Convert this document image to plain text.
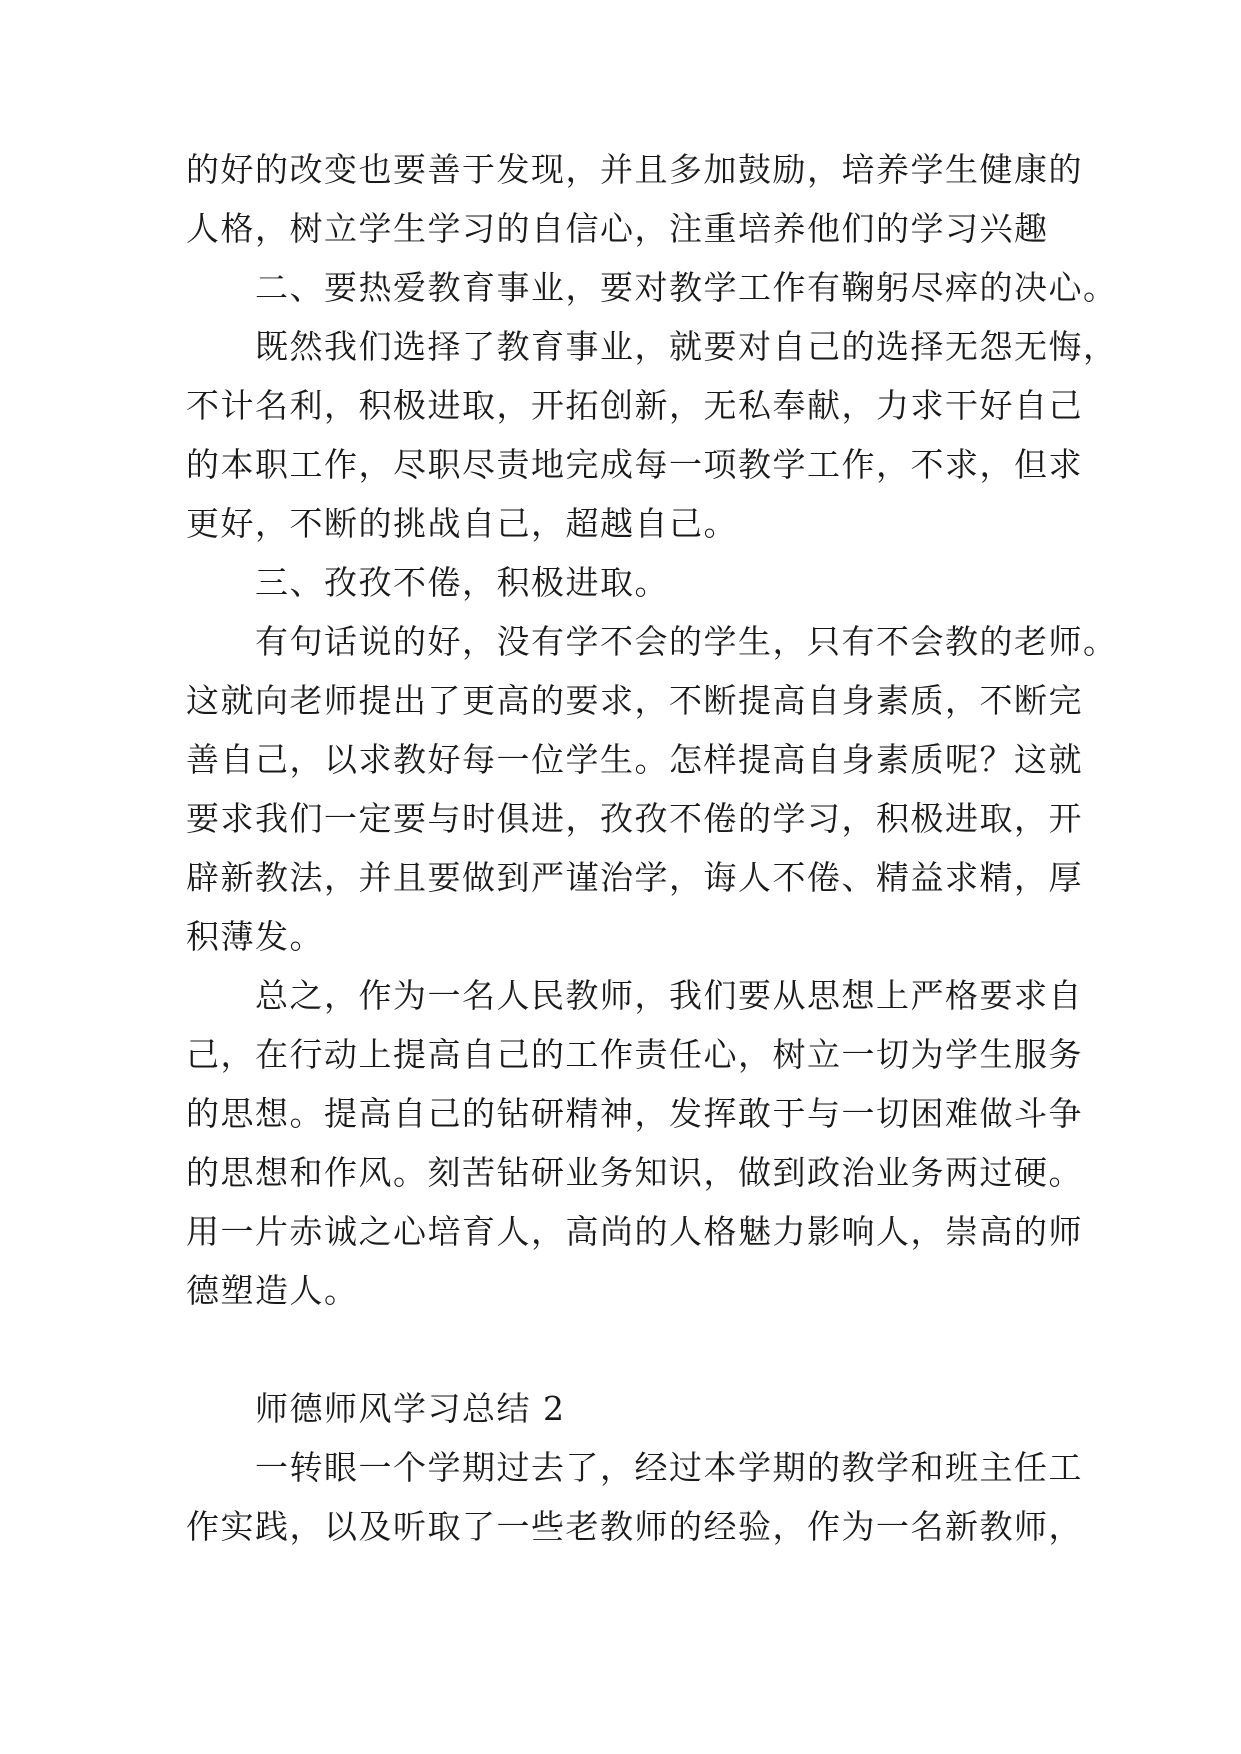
的好的改变也要善于发现，并且多加鼓励，培养学生健康的
人格，树立学生学习的自信心，注重培养他们的学习兴趣
二、要热爱教育事业，要对教学工作有鞠躬尽瘁的决心。
既然我们选择了教育事业，就要对自己的选择无怨无悔，
不计名利，积极进取，开拓创新，无私奉献，力求干好自己
的本职工作，尽职尽责地完成每一项教学工作，不求，但求
更好，不断的挑战自己，超越自己。
三、孜孜不倦，积极进取。
有句话说的好，没有学不会的学生，只有不会教的老师。
这就向老师提出了更高的要求，不断提高自身素质，不断完
善自己，以求教好每一位学生。怎样提高自身素质呢？这就
要求我们一定要与时俱进，孜孜不倦的学习，积极进取，开
辟新教法，并且要做到严谨治学，诲人不倦、精益求精，厚
积薄发。
总之，作为一名人民教师，我们要从思想上严格要求自
己，在行动上提高自己的工作责任心，树立一切为学生服务
的思想。提高自己的钻研精神，发挥敢于与一切困难做斗争
的思想和作风。刻苦钻研业务知识，做到政治业务两过硬。
用一片赤诚之心培育人，高尚的人格魅力影响人，崇高的师
德塑造人。
师德师风学习总结 2
一转眼一个学期过去了，经过本学期的教学和班主任工
作实践，以及听取了一些老教师的经验，作为一名新教师，
